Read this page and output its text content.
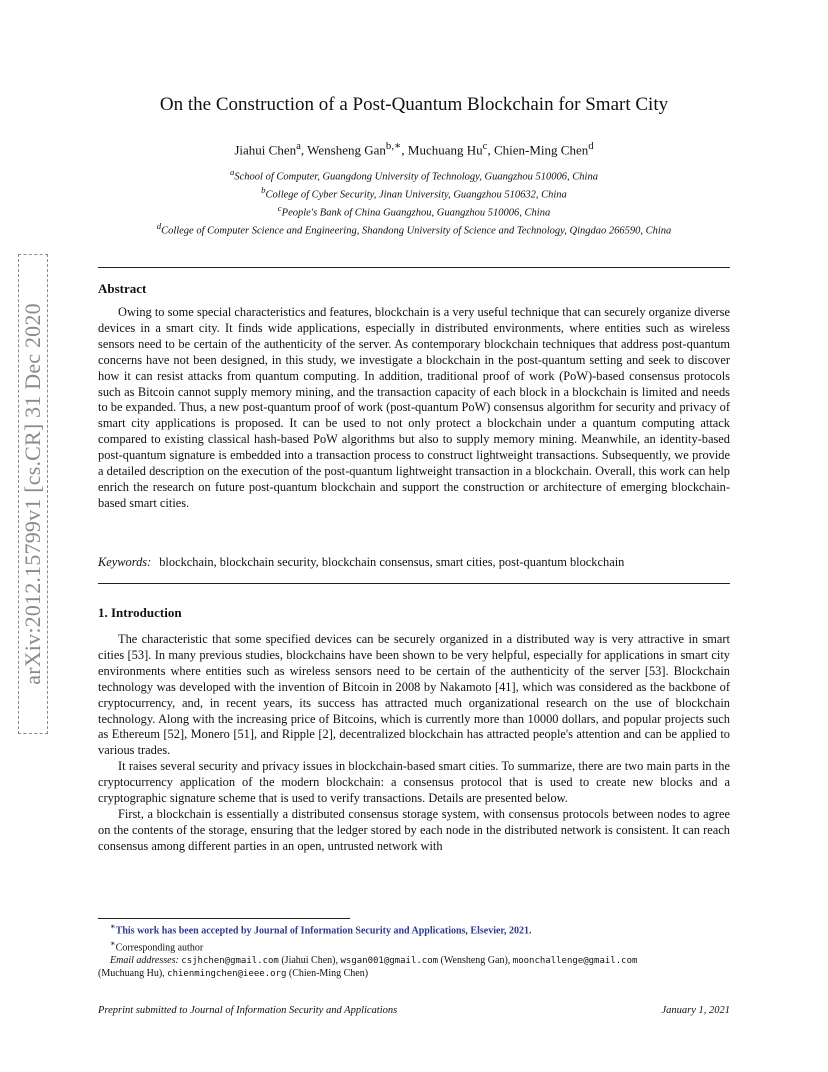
arXiv:2012.15799v1 [cs.CR] 31 Dec 2020
On the Construction of a Post-Quantum Blockchain for Smart City
Jiahui Chen$^a$, Wensheng Gan$^{b,∗}$, Muchuang Hu$^c$, Chien-Ming Chen$^d$
$^a$School of Computer, Guangdong University of Technology, Guangzhou 510006, China
$^b$College of Cyber Security, Jinan University, Guangzhou 510632, China
$^c$People's Bank of China Guangzhou, Guangzhou 510006, China
$^d$College of Computer Science and Engineering, Shandong University of Science and Technology, Qingdao 266590, China
Abstract

Owing to some special characteristics and features, blockchain is a very useful technique that can securely organize diverse devices in a smart city. It finds wide applications, especially in distributed environments, where entities such as wireless sensors need to be certain of the authenticity of the server. As contemporary blockchain techniques that address post-quantum concerns have not been designed, in this study, we investigate a blockchain in the post-quantum setting and seek to discover how it can resist attacks from quantum computing. In addition, traditional proof of work (PoW)-based consensus protocols such as Bitcoin cannot supply memory mining, and the transaction capacity of each block in a blockchain is limited and needs to be expanded. Thus, a new post-quantum proof of work (post-quantum PoW) consensus algorithm for security and privacy of smart city applications is proposed. It can be used to not only protect a blockchain under a quantum computing attack compared to existing classical hash-based PoW algorithms but also to supply memory mining. Meanwhile, an identity-based post-quantum signature is embedded into a transaction process to construct lightweight transactions. Subsequently, we provide a detailed description on the execution of the post-quantum lightweight transaction in a blockchain. Overall, this work can help enrich the research on future post-quantum blockchain and support the construction or architecture of emerging blockchain-based smart cities.

Keywords: blockchain, blockchain security, blockchain consensus, smart cities, post-quantum blockchain
1. Introduction

The characteristic that some specified devices can be securely organized in a distributed way is very attractive in smart cities [53]. In many previous studies, blockchains have been shown to be very helpful, especially for applications in smart city environments where entities such as wireless sensors need to be certain of the authenticity of the server [53]. Blockchain technology was developed with the invention of Bitcoin in 2008 by Nakamoto [41], which was considered as the backbone of cryptocurrency, and, in recent years, its success has attracted much organizational research on the use of blockchain technology. Along with the increasing price of Bitcoins, which is currently more than 10000 dollars, and popular projects such as Ethereum [52], Monero [51], and Ripple [2], decentralized blockchain has attracted people's attention and can be applied to various trades.

It raises several security and privacy issues in blockchain-based smart cities. To summarize, there are two main parts in the cryptocurrency application of the modern blockchain: a consensus protocol that is used to create new blocks and a cryptographic signature scheme that is used to verify transactions. Details are presented below.

First, a blockchain is essentially a distributed consensus storage system, with consensus protocols between nodes to agree on the contents of the storage, ensuring that the ledger stored by each node in the distributed network is consistent. It can reach consensus among different parties in an open, untrusted network with

∗This work has been accepted by Journal of Information Security and Applications, Elsevier, 2021.
∗Corresponding author
Email addresses: csjhchen@gmail.com (Jiahui Chen), wsgan001@gmail.com (Wensheng Gan), moonchallenge@gmail.com
(Muchuang Hu), chienmingchen@ieee.org (Chien-Ming Chen)
Preprint submitted to Journal of Information Security and Applications	January 1, 2021
